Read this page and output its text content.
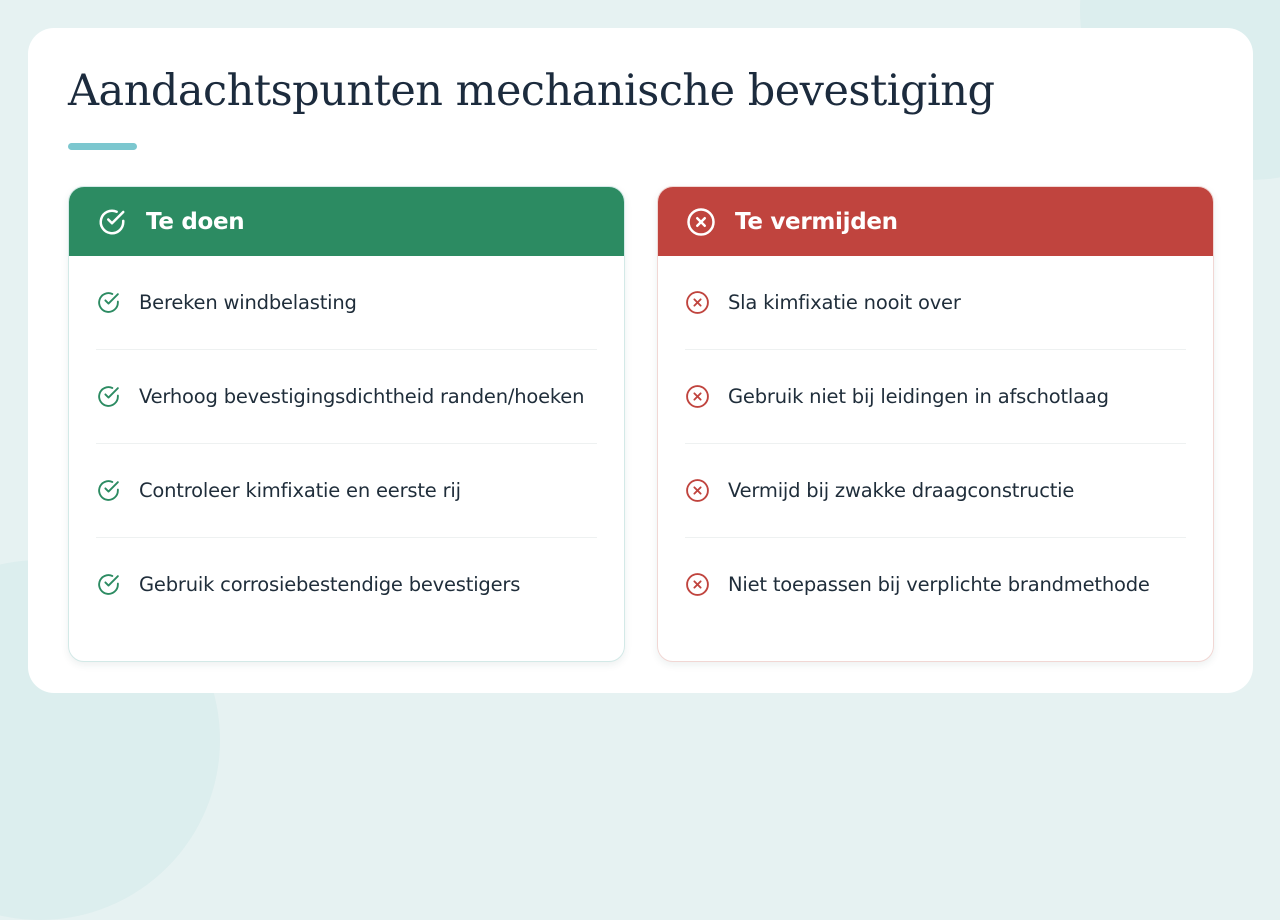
Aandachtspunten mechanische bevestiging
Te doen
Bereken windbelasting
Verhoog bevestigingsdichtheid randen/hoeken
Controleer kimfixatie en eerste rij
Gebruik corrosiebestendige bevestigers
Te vermijden
Sla kimfixatie nooit over
Gebruik niet bij leidingen in afschotlaag
Vermijd bij zwakke draagconstructie
Niet toepassen bij verplichte brandmethode
